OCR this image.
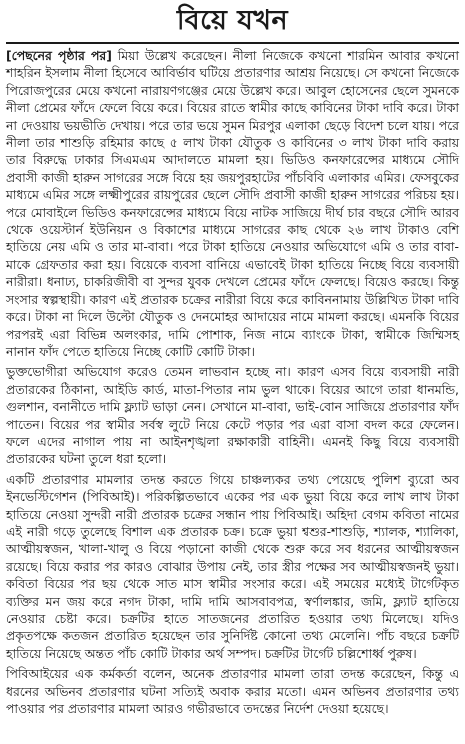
বিয়ে যখন

[পেছনের পৃষ্ঠার পর] মিয়া উল্লেখ করেছেন। নীলা নিজেকে কখনো শারমিন আবার কখনো শাহরিন ইসলাম নীলা হিসেবে আবির্ভাব ঘটিয়ে প্রতারণার আশ্রয় নিয়েছে। সে কখনো নিজেকে পিরোজপুরের মেয়ে কখনো নারায়ণগঞ্জের মেয়ে উল্লেখ করে। আবুল হোসেনের ছেলে সুমনকে নীলা প্রেমের ফাঁদে ফেলে বিয়ে করে। বিয়ের রাতে স্বামীর কাছে কাবিনের টাকা দাবি করে। টাকা না দেওয়ায় ভয়ভীতি দেখায়। পরে তার ভয়ে সুমন মিরপুর এলাকা ছেড়ে বিদেশ চলে যায়। পরে নীলা তার শাশুড়ি রহিমার কাছে ৫ লাখ টাকা যৌতুক ও কাবিনের ৩ লাখ টাকা দাবি করায় তার বিরুদ্ধে ঢাকার সিএমএম আদালতে মামলা হয়। ভিডিও কনফারেন্সের মাধ্যমে সৌদি প্রবাসী কাজী হারুন সাগরের সঙ্গে বিয়ে হয় জয়পুরহাটের পাঁচবিবি এলাকার এমির। ফেসবুকের মাধ্যমে এমির সঙ্গে লক্ষ্মীপুরের রায়পুরের ছেলে সৌদি প্রবাসী কাজী হারুন সাগরের পরিচয় হয়। পরে মোবাইলে ভিডিও কনফারেন্সের মাধ্যমে বিয়ে নাটক সাজিয়ে দীর্ঘ চার বছরে সৌদি আরব থেকে ওয়েস্টার্ন ইউনিয়ন ও বিকাশের মাধ্যমে সাগরের কাছ থেকে ২৬ লাখ টাকাও বেশি হাতিয়ে নেয় এমি ও তার মা-বাবা। পরে টাকা হাতিয়ে নেওয়ার অভিযোগে এমি ও তার বাবা-মাকে গ্রেফতার করা হয়। বিয়েকে ব্যবসা বানিয়ে এভাবেই টাকা হাতিয়ে নিচ্ছে বিয়ে ব্যবসায়ী নারীরা। ধনাঢ্য, চাকরিজীবী বা সুন্দর যুবক দেখলে প্রেমের ফাঁদে ফেলছে। বিয়েও করছে। কিন্তু সংসার স্বল্পস্থায়ী। কারণ এই প্রতারক চক্রের নারীরা বিয়ে করে কাবিননামায় উল্লিখিত টাকা দাবি করে। টাকা না দিলে উল্টো যৌতুক ও দেনমোহর আদায়ের নামে মামলা করছে। এমনকি বিয়ের পরপরই এরা বিভিন্ন অলংকার, দামি পোশাক, নিজ নামে ব্যাংকে টাকা, স্বামীকে জিম্মিসহ নানান ফাঁদ পেতে হাতিয়ে নিচ্ছে কোটি কোটি টাকা।

ভুক্তভোগীরা অভিযোগ করেও তেমন লাভবান হচ্ছে না। কারণ এসব বিয়ে ব্যবসায়ী নারী প্রতারকের ঠিকানা, আইডি কার্ড, মাতা-পিতার নাম ভুল থাকে। বিয়ের আগে তারা ধানমন্ডি, গুলশান, বনানীতে দামি ফ্ল্যাট ভাড়া নেন। সেখানে মা-বাবা, ভাই-বোন সাজিয়ে প্রতারণার ফাঁদ পাতেন। বিয়ের পর স্বামীর সর্বস্ব লুটে নিয়ে কেটে পড়ার পর এরা বাসা বদল করে ফেলেন। ফলে এদের নাগাল পায় না আইনশৃঙ্খলা রক্ষাকারী বাহিনী। এমনই কিছু বিয়ে ব্যবসায়ী প্রতারকের ঘটনা তুলে ধরা হলো।

একটি প্রতারণার মামলার তদন্ত করতে গিয়ে চাঞ্চল্যকর তথ্য পেয়েছে পুলিশ ব্যুরো অব ইনভেস্টিগেশন (পিবিআই)। পরিকল্পিতভাবে একের পর এক ভুয়া বিয়ে করে লাখ লাখ টাকা হাতিয়ে নেওয়া সুন্দরী নারী প্রতারক চক্রের সন্ধান পায় পিবিআই। অহিদা বেগম কবিতা নামের এই নারী গড়ে তুলেছে বিশাল এক প্রতারক চক্র। চক্রে ভুয়া শ্বশুর-শাশুড়ি, শ্যালক, শ্যালিকা, আত্মীয়স্বজন, খালা-খালু ও বিয়ে পড়ানো কাজী থেকে শুরু করে সব ধরনের আত্মীয়স্বজন রয়েছে। বিয়ে করার পর কারও বোঝার উপায় নেই, তার স্ত্রীর পক্ষের সব আত্মীয়স্বজনই ভুয়া। কবিতা বিয়ের পর ছয় থেকে সাত মাস স্বামীর সংসার করে। এই সময়ের মধ্যেই টার্গেটকৃত ব্যক্তির মন জয় করে নগদ টাকা, দামি দামি আসবাবপত্র, স্বর্ণালঙ্কার, জমি, ফ্ল্যাট হাতিয়ে নেওয়ার চেষ্টা করে। চক্রটির হাতে সাতজনের প্রতারিত হওয়ার তথ্য মিলেছে। যদিও প্রকৃতপক্ষে কতজন প্রতারিত হয়েছেন তার সুনির্দিষ্ট কোনো তথ্য মেলেনি। পাঁচ বছরে চক্রটি হাতিয়ে নিয়েছে অন্তত পাঁচ কোটি টাকার অর্থ সম্পদ। চক্রটির টার্গেট চল্লিশোর্ধ্ব পুরুষ।

পিবিআইয়ের এক কর্মকর্তা বলেন, অনেক প্রতারণার মামলা তারা তদন্ত করেছেন, কিন্তু এ ধরনের অভিনব প্রতারণার ঘটনা সত্যিই অবাক করার মতো। এমন অভিনব প্রতারণার তথ্য পাওয়ার পর প্রতারণার মামলা আরও গভীরভাবে তদন্তের নির্দেশ দেওয়া হয়েছে।
